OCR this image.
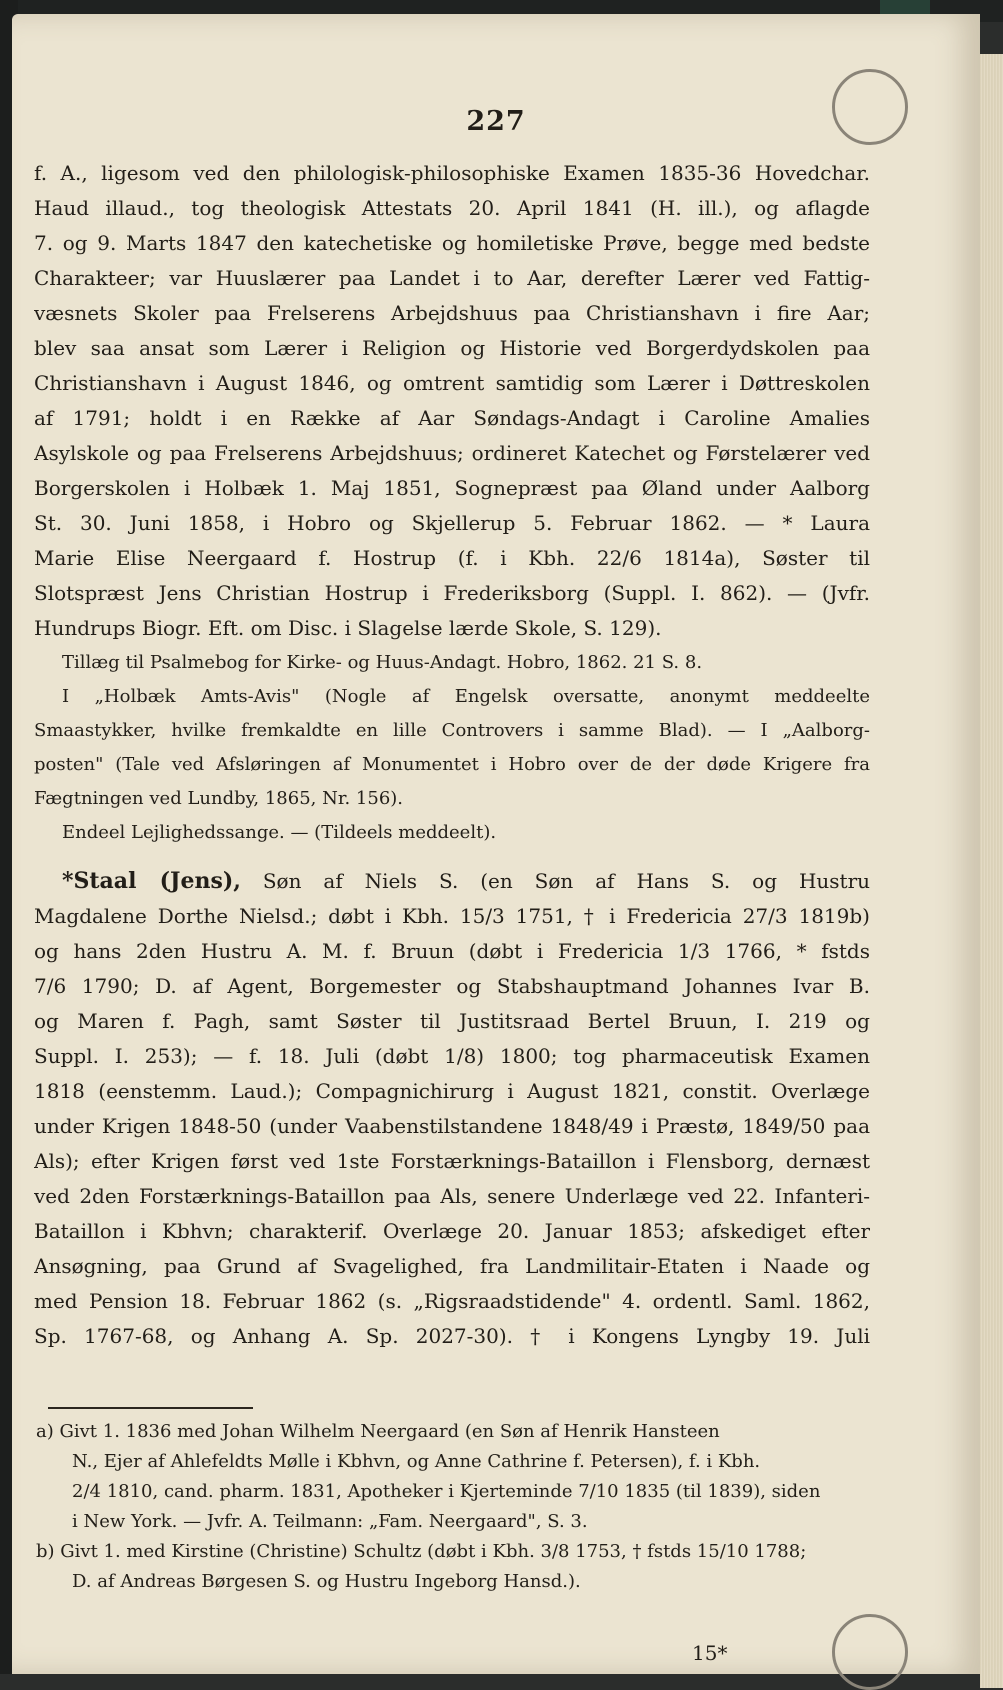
227
f. A., ligesom ved den philologisk-philosophiske Examen 1835-36 Hovedchar.
Haud illaud., tog theologisk Attestats 20. April 1841 (H. ill.), og aflagde
7. og 9. Marts 1847 den katechetiske og homiletiske Prøve, begge med bedste
Charakteer; var Huuslærer paa Landet i to Aar, derefter Lærer ved Fattig-
væsnets Skoler paa Frelserens Arbejdshuus paa Christianshavn i fire Aar;
blev saa ansat som Lærer i Religion og Historie ved Borgerdydskolen paa
Christianshavn i August 1846, og omtrent samtidig som Lærer i Døttreskolen
af 1791; holdt i en Række af Aar Søndags-Andagt i Caroline Amalies
Asylskole og paa Frelserens Arbejdshuus; ordineret Katechet og Førstelærer ved
Borgerskolen i Holbæk 1. Maj 1851, Sognepræst paa Øland under Aalborg
St. 30. Juni 1858, i Hobro og Skjellerup 5. Februar 1862. — * Laura
Marie Elise Neergaard f. Hostrup (f. i Kbh. 22/6 1814a), Søster til
Slotspræst Jens Christian Hostrup i Frederiksborg (Suppl. I. 862). — (Jvfr.
Hundrups Biogr. Eft. om Disc. i Slagelse lærde Skole, S. 129).
Tillæg til Psalmebog for Kirke- og Huus-Andagt. Hobro, 1862. 21 S. 8.
I „Holbæk Amts-Avis" (Nogle af Engelsk oversatte, anonymt meddeelte
Smaastykker, hvilke fremkaldte en lille Controvers i samme Blad). — I „Aalborg-
posten" (Tale ved Afsløringen af Monumentet i Hobro over de der døde Krigere fra
Fægtningen ved Lundby, 1865, Nr. 156).
Endeel Lejlighedssange. — (Tildeels meddeelt).
*Staal (Jens), Søn af Niels S. (en Søn af Hans S. og Hustru
Magdalene Dorthe Nielsd.; døbt i Kbh. 15/3 1751, † i Fredericia 27/3 1819b)
og hans 2den Hustru A. M. f. Bruun (døbt i Fredericia 1/3 1766, * fstds
7/6 1790; D. af Agent, Borgemester og Stabshauptmand Johannes Ivar B.
og Maren f. Pagh, samt Søster til Justitsraad Bertel Bruun, I. 219 og
Suppl. I. 253); — f. 18. Juli (døbt 1/8) 1800; tog pharmaceutisk Examen
1818 (eenstemm. Laud.); Compagnichirurg i August 1821, constit. Overlæge
under Krigen 1848-50 (under Vaabenstilstandene 1848/49 i Præstø, 1849/50 paa
Als); efter Krigen først ved 1ste Forstærknings-Bataillon i Flensborg, dernæst
ved 2den Forstærknings-Bataillon paa Als, senere Underlæge ved 22. Infanteri-
Bataillon i Kbhvn; charakterif. Overlæge 20. Januar 1853; afskediget efter
Ansøgning, paa Grund af Svagelighed, fra Landmilitair-Etaten i Naade og
med Pension 18. Februar 1862 (s. „Rigsraadstidende" 4. ordentl. Saml. 1862,
Sp. 1767-68, og Anhang A. Sp. 2027-30). † i Kongens Lyngby 19. Juli
a) Givt 1. 1836 med Johan Wilhelm Neergaard (en Søn af Henrik Hansteen
N., Ejer af Ahlefeldts Mølle i Kbhvn, og Anne Cathrine f. Petersen), f. i Kbh.
2/4 1810, cand. pharm. 1831, Apotheker i Kjerteminde 7/10 1835 (til 1839), siden
i New York. — Jvfr. A. Teilmann: „Fam. Neergaard", S. 3.
b) Givt 1. med Kirstine (Christine) Schultz (døbt i Kbh. 3/8 1753, † fstds 15/10 1788;
D. af Andreas Børgesen S. og Hustru Ingeborg Hansd.).
15*
